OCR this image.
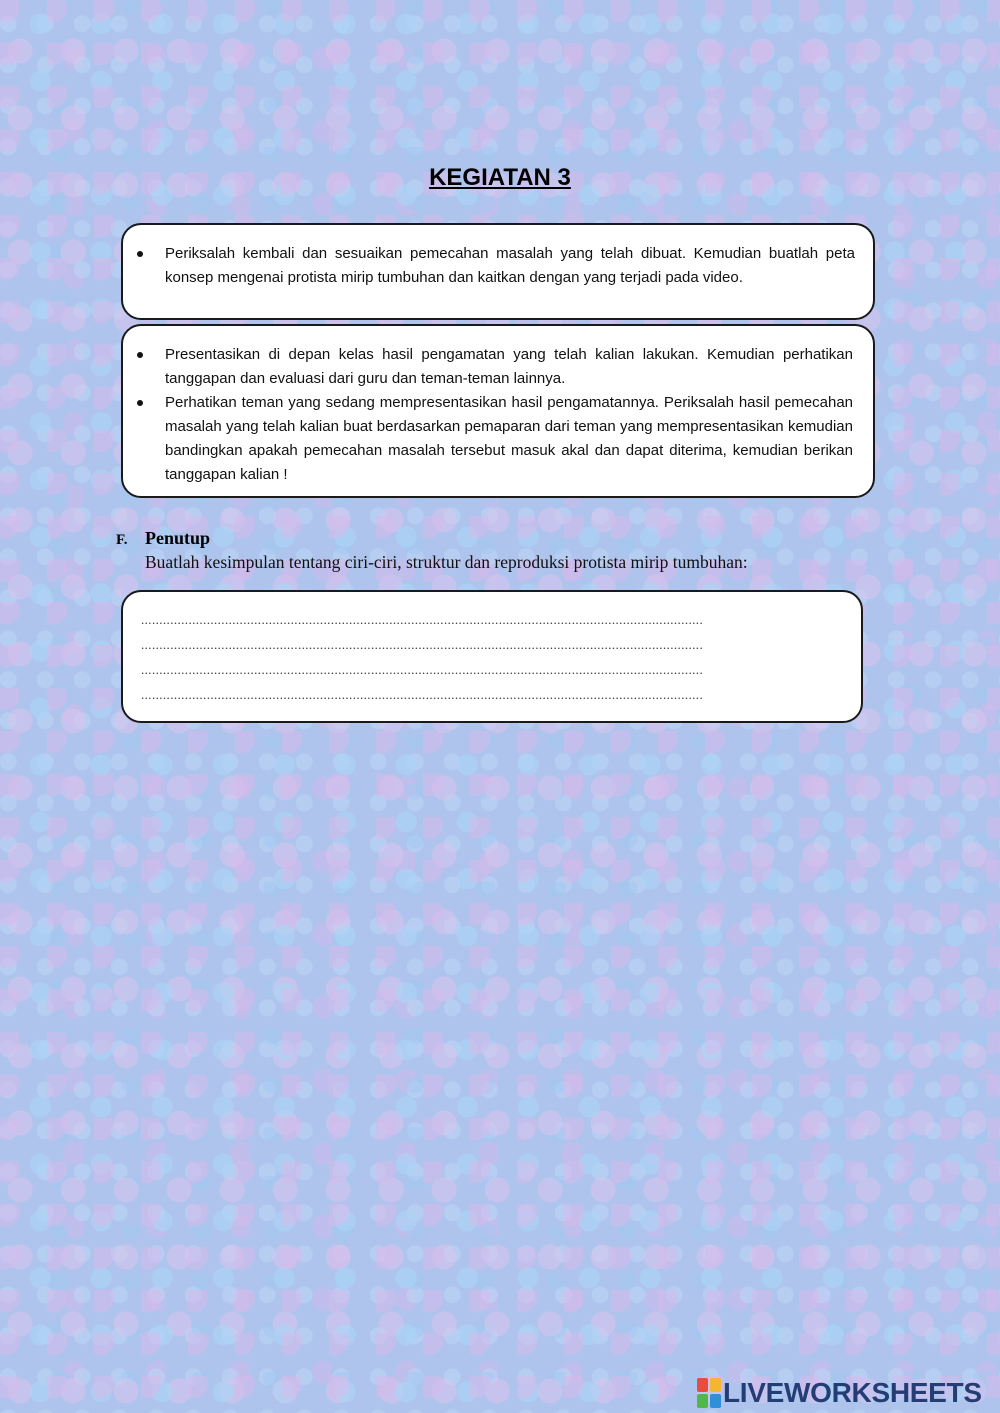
KEGIATAN 3
Periksalah kembali dan sesuaikan pemecahan masalah yang telah dibuat. Kemudian buatlah peta konsep mengenai protista mirip tumbuhan dan kaitkan dengan yang terjadi pada video.
Presentasikan di depan kelas hasil pengamatan yang telah kalian lakukan. Kemudian perhatikan tanggapan dan evaluasi dari guru dan teman-teman lainnya.
Perhatikan teman yang sedang mempresentasikan hasil pengamatannya. Periksalah hasil pemecahan masalah yang telah kalian buat berdasarkan pemaparan dari teman yang mempresentasikan kemudian bandingkan apakah pemecahan masalah tersebut masuk akal dan dapat diterima, kemudian berikan tanggapan kalian !
F. Penutup
Buatlah kesimpulan tentang ciri-ciri, struktur dan reproduksi protista mirip tumbuhan:
..........................................................................................................................................................
..........................................................................................................................................................
..........................................................................................................................................................
..........................................................................................................................................................
LIVEWORKSHEETS
